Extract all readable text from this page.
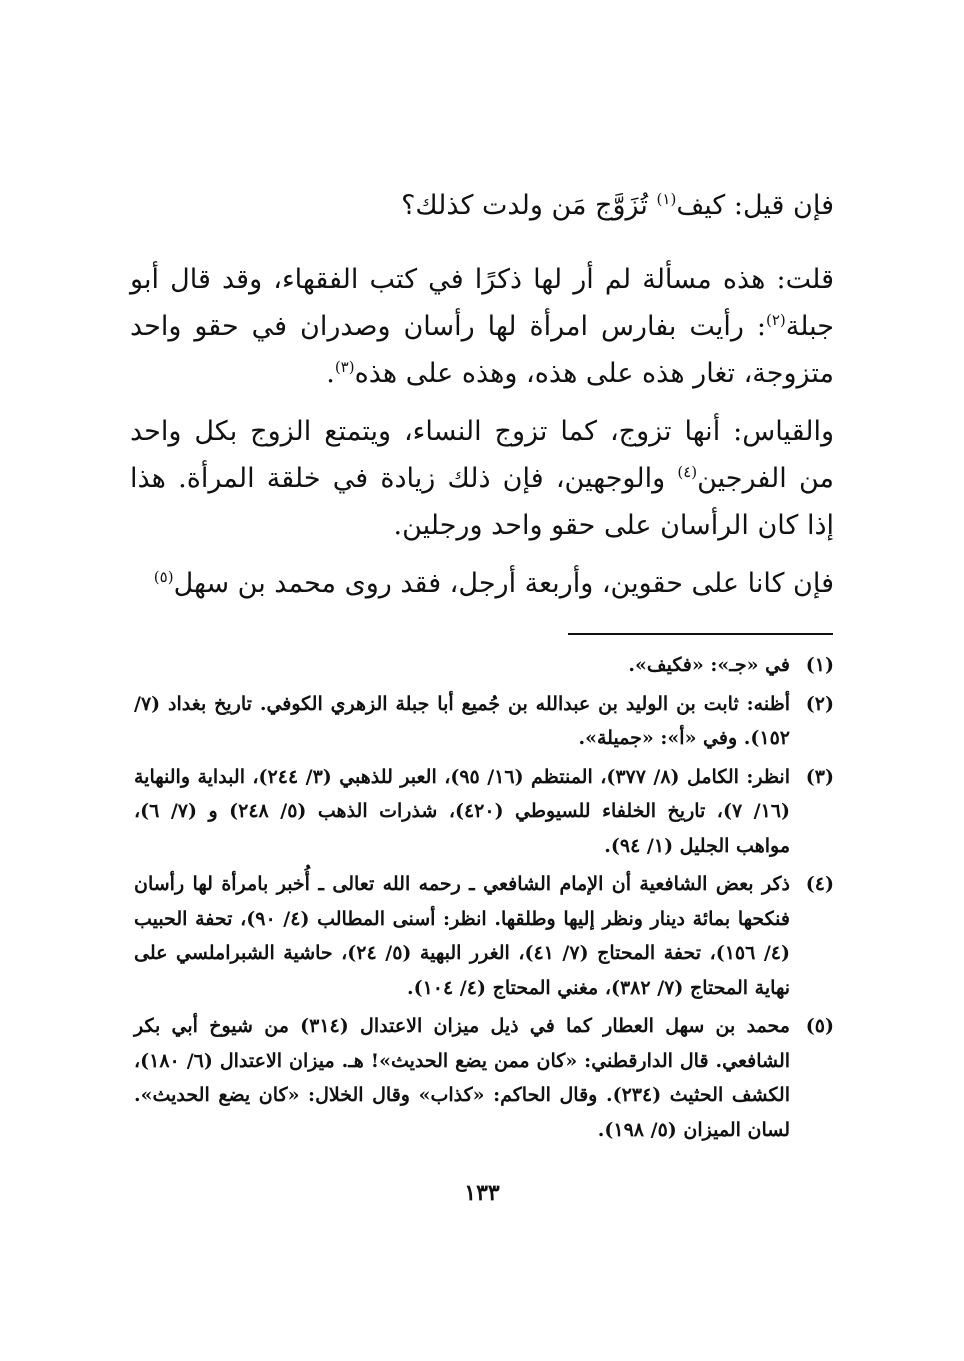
فإن قيل: كيف$^{(١)}$ تُزَوَّج مَن ولدت كذلك؟

قلت: هذه مسألة لم أر لها ذكرًا في كتب الفقهاء، وقد قال أبو جبلة$^{(٢)}$: رأيت بفارس امرأة لها رأسان وصدران في حقو واحد متزوجة، تغار هذه على هذه، وهذه على هذه$^{(٣)}$.

والقياس: أنها تزوج، كما تزوج النساء، ويتمتع الزوج بكل واحد من الفرجين$^{(٤)}$ والوجهين، فإن ذلك زيادة في خلقة المرأة. هذا إذا كان الرأسان على حقو واحد ورجلين.

فإن كانا على حقوين، وأربعة أرجل، فقد روى محمد بن سهل$^{(٥)}$

(١)
في «جـ»: «فكيف».
(٢)
أظنه: ثابت بن الوليد بن عبدالله بن جُميع أبا جبلة الزهري الكوفي. تاريخ بغداد (٧/ ١٥٢). وفي «أ»: «جميلة».
(٣)
انظر: الكامل (٨/ ٣٧٧)، المنتظم (١٦/ ٩٥)، العبر للذهبي (٣/ ٢٤٤)، البداية والنهاية (١٦/ ٧)، تاريخ الخلفاء للسيوطي (٤٢٠)، شذرات الذهب (٥/ ٢٤٨) و (٧/ ٦)، مواهب الجليل (١/ ٩٤).
(٤)
ذكر بعض الشافعية أن الإمام الشافعي ـ رحمه الله تعالى ـ أُخبر بامرأة لها رأسان فنكحها بمائة دينار ونظر إليها وطلقها. انظر: أسنى المطالب (٤/ ٩٠)، تحفة الحبيب (٤/ ١٥٦)، تحفة المحتاج (٧/ ٤١)، الغرر البهية (٥/ ٢٤)، حاشية الشبراملسي على نهاية المحتاج (٧/ ٣٨٢)، مغني المحتاج (٤/ ١٠٤).
(٥)
محمد بن سهل العطار كما في ذيل ميزان الاعتدال (٣١٤) من شيوخ أبي بكر الشافعي. قال الدارقطني: «كان ممن يضع الحديث»! هـ. ميزان الاعتدال (٦/ ١٨٠)، الكشف الحثيث (٢٣٤). وقال الحاكم: «كذاب» وقال الخلال: «كان يضع الحديث». لسان الميزان (٥/ ١٩٨).
١٣٣
